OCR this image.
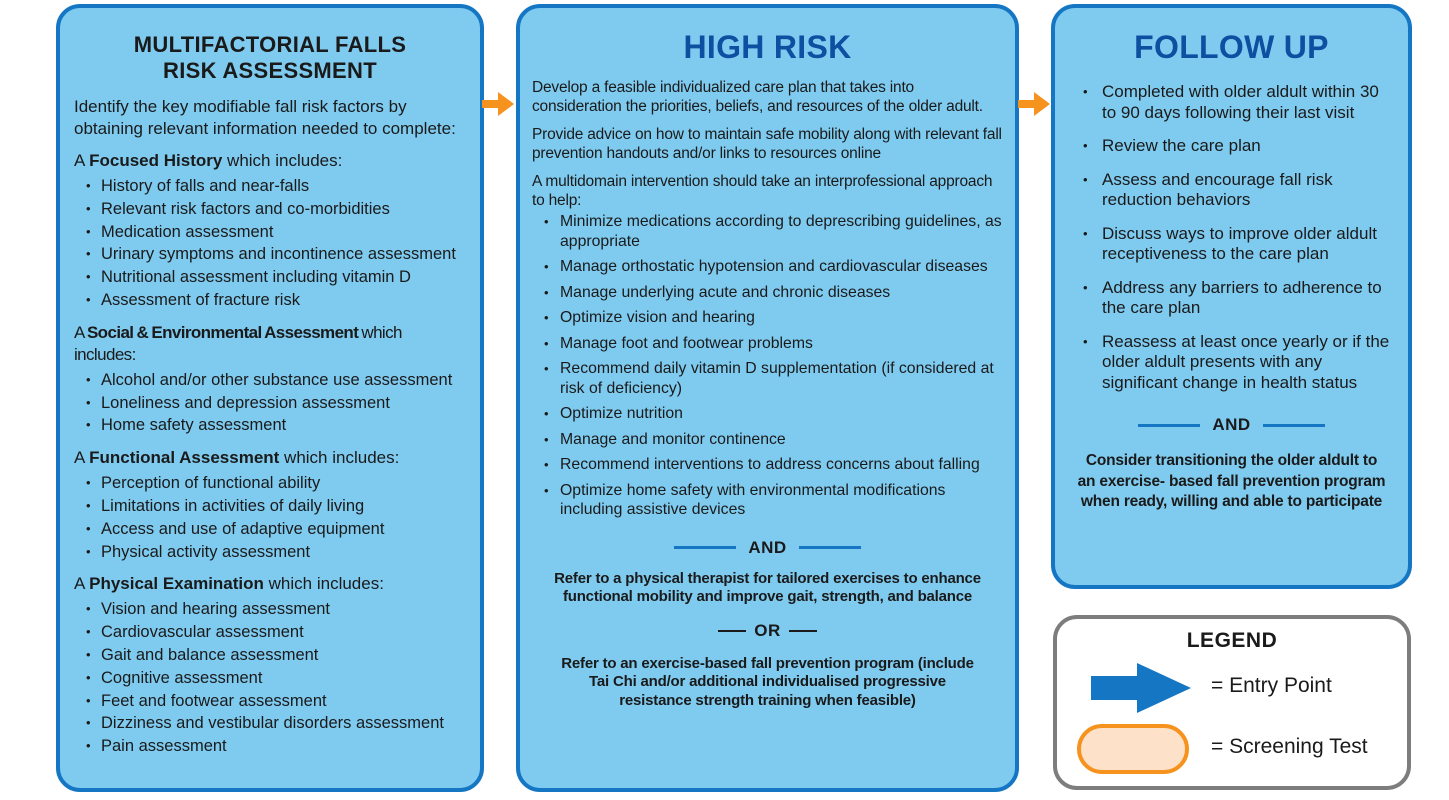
MULTIFACTORIAL FALLS
RISK ASSESSMENT
Identify the key modifiable fall risk factors by obtaining relevant information needed to complete:
A Focused History which includes:
• History of falls and near-falls
• Relevant risk factors and co-morbidities
• Medication assessment
• Urinary symptoms and incontinence assessment
• Nutritional assessment including vitamin D
• Assessment of fracture risk
A Social & Environmental Assessment which includes:
• Alcohol and/or other substance use assessment
• Loneliness and depression assessment
• Home safety assessment
A Functional Assessment which includes:
• Perception of functional ability
• Limitations in activities of daily living
• Access and use of adaptive equipment
• Physical activity assessment
A Physical Examination which includes:
• Vision and hearing assessment
• Cardiovascular assessment
• Gait and balance assessment
• Cognitive assessment
• Feet and footwear assessment
• Dizziness and vestibular disorders assessment
• Pain assessment
HIGH RISK
Develop a feasible individualized care plan that takes into consideration the priorities, beliefs, and resources of the older adult.
Provide advice on how to maintain safe mobility along with relevant fall prevention handouts and/or links to resources online
A multidomain intervention should take an interprofessional approach to help:
• Minimize medications according to deprescribing guidelines, as appropriate
• Manage orthostatic hypotension and cardiovascular diseases
• Manage underlying acute and chronic diseases
• Optimize vision and hearing
• Manage foot and footwear problems
• Recommend daily vitamin D supplementation (if considered at risk of deficiency)
• Optimize nutrition
• Manage and monitor continence
• Recommend interventions to address concerns about falling
• Optimize home safety with environmental modifications including assistive devices
AND
Refer to a physical therapist for tailored exercises to enhance functional mobility and improve gait, strength, and balance
OR
Refer to an exercise-based fall prevention program (include Tai Chi and/or additional individualised progressive resistance strength training when feasible)
FOLLOW UP
• Completed with older aldult within 30 to 90 days following their last visit
• Review the care plan
• Assess and encourage fall risk reduction behaviors
• Discuss ways to improve older aldult receptiveness to the care plan
• Address any barriers to adherence to the care plan
• Reassess at least once yearly or if the older aldult presents with any significant change in health status
AND
Consider transitioning the older aldult to an exercise- based fall prevention program when ready, willing and able to participate
LEGEND
= Entry Point
= Screening Test
